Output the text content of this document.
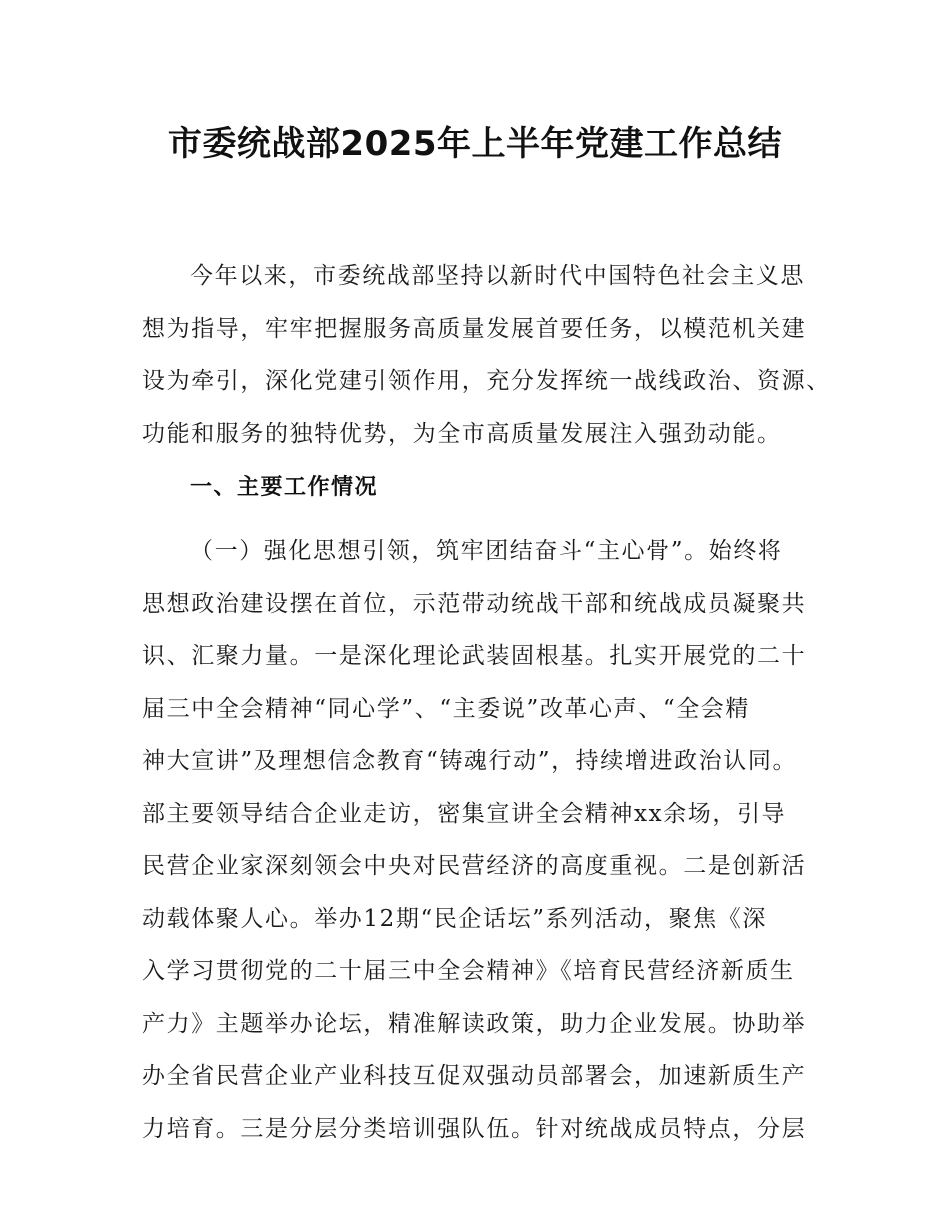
市委统战部2025年上半年党建工作总结
今年以来，市委统战部坚持以新时代中国特色社会主义思
想为指导，牢牢把握服务高质量发展首要任务，以模范机关建
设为牵引，深化党建引领作用，充分发挥统一战线政治、资源、
功能和服务的独特优势，为全市高质量发展注入强劲动能。
一、主要工作情况
（一）强化思想引领，筑牢团结奋斗“主心骨”。始终将
思想政治建设摆在首位，示范带动统战干部和统战成员凝聚共
识、汇聚力量。一是深化理论武装固根基。扎实开展党的二十
届三中全会精神“同心学”、“主委说”改革心声、“全会精
神大宣讲”及理想信念教育“铸魂行动”，持续增进政治认同。
部主要领导结合企业走访，密集宣讲全会精神xx余场，引导
民营企业家深刻领会中央对民营经济的高度重视。二是创新活
动载体聚人心。举办12期“民企话坛”系列活动，聚焦《深
入学习贯彻党的二十届三中全会精神》《培育民营经济新质生
产力》主题举办论坛，精准解读政策，助力企业发展。协助举
办全省民营企业产业科技互促双强动员部署会，加速新质生产
力培育。三是分层分类培训强队伍。针对统战成员特点，分层
